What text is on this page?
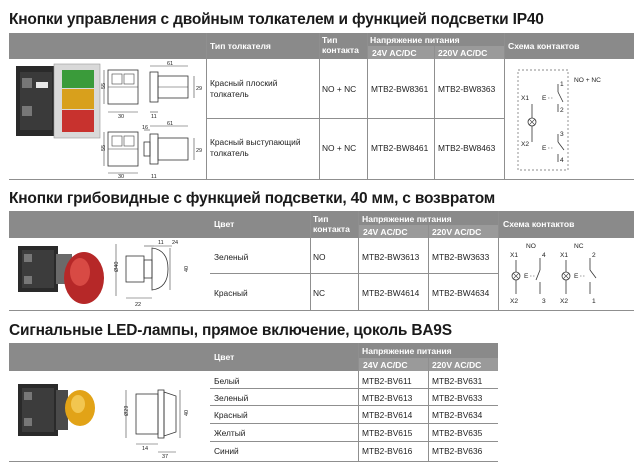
Кнопки управления с двойным толкателем и функцией подсветки IP40
Тип толкателя
Тип
контакта
Напряжение питания
24V AC/DC 220V AC/DC
Схема контактов
Красный плоский
толкатель	NO + NC MTB2-BW8361 MTB2-BW8363
Красный выступающий
толкатель	NO + NC MTB2-BW8461 MTB2-BW8463
61
55	29
30	11
61
55	29
30	11
16
NO + NC
X1
X2
E
1
2
E
3
4
Кнопки грибовидные с функцией подсветки, 40 мм, с возвратом
Цвет	Тип
контакта
Напряжение питания
24V AC/DC	220V AC/DC
Схема контактов
Зеленый	NO	MTB2-BW3613 MTB2-BW3633
Красный	NC	MTB2-BW4614 MTB2-BW4634
11 24
Ø40	40
22
NO	NC
X1
X2
E
4
3
X1
X2
E
2
1
Сигнальные LED-лампы, прямое включение, цоколь BA9S
Цвет
Напряжение питания
24V AC/DC	220V AC/DC
Белый	MTB2-BV611 MTB2-BV631
Зеленый	MTB2-BV613 MTB2-BV633
Красный	MTB2-BV614 MTB2-BV634
Желтый	MTB2-BV615 MTB2-BV635
Синий	MTB2-BV616 MTB2-BV636
Ø29	40
14
37
